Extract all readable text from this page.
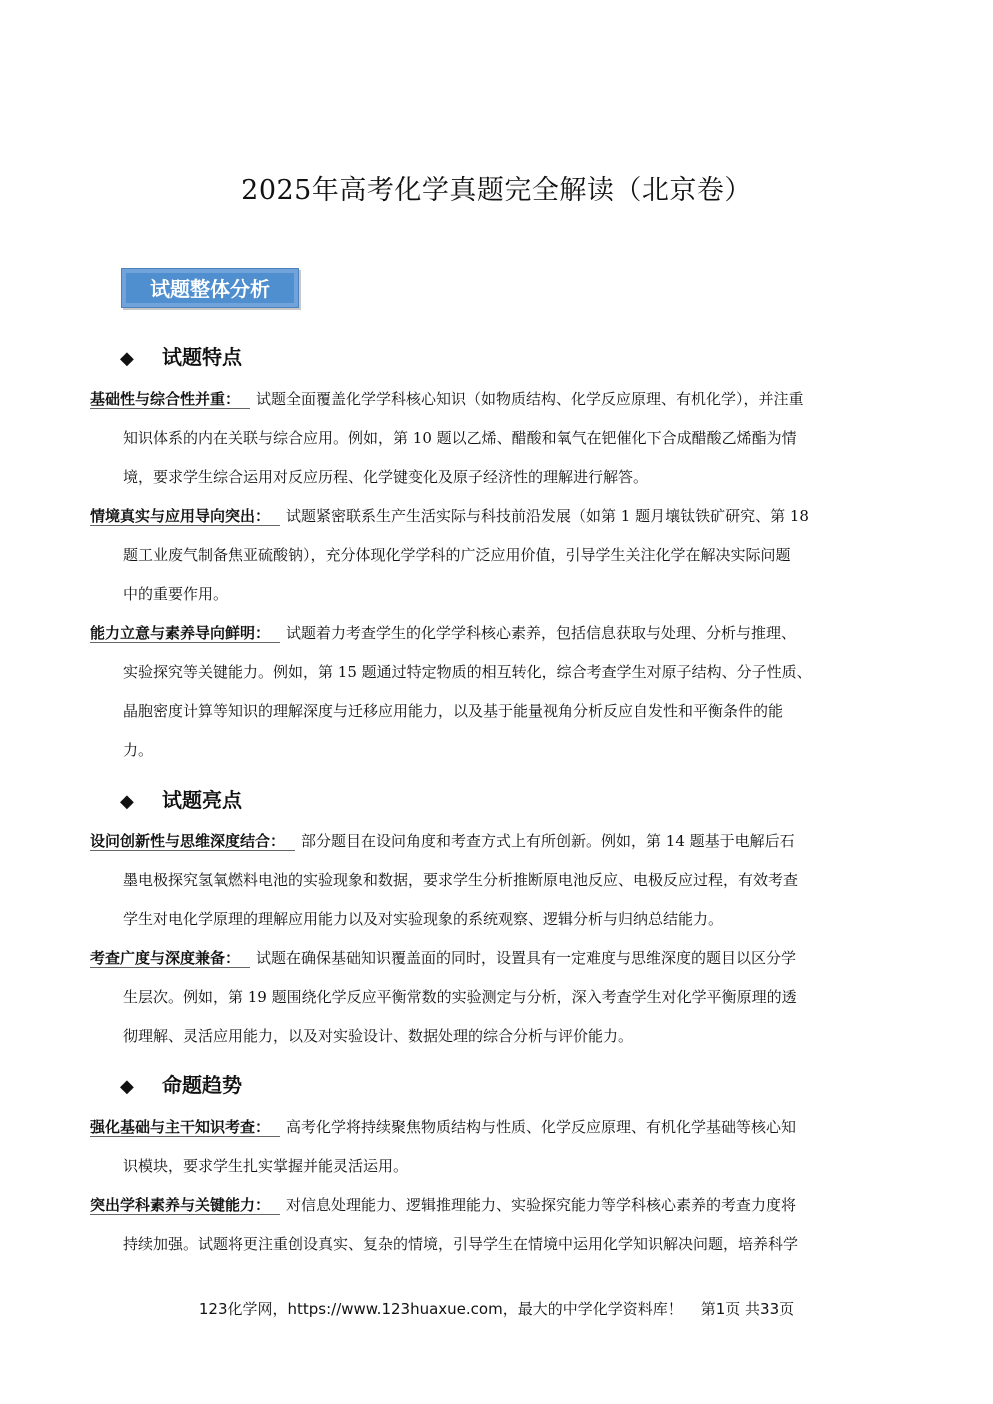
2025年高考化学真题完全解读（北京卷）
试题整体分析
◆ 试题特点
基础性与综合性并重： 试题全面覆盖化学学科核心知识（如物质结构、化学反应原理、有机化学），并注重
知识体系的内在关联与综合应用。例如，第 10 题以乙烯、醋酸和氧气在钯催化下合成醋酸乙烯酯为情
境，要求学生综合运用对反应历程、化学键变化及原子经济性的理解进行解答。
情境真实与应用导向突出： 试题紧密联系生产生活实际与科技前沿发展（如第 1 题月壤钛铁矿研究、第 18
题工业废气制备焦亚硫酸钠），充分体现化学学科的广泛应用价值，引导学生关注化学在解决实际问题
中的重要作用。
能力立意与素养导向鲜明： 试题着力考查学生的化学学科核心素养，包括信息获取与处理、分析与推理、
实验探究等关键能力。例如，第 15 题通过特定物质的相互转化，综合考查学生对原子结构、分子性质、
晶胞密度计算等知识的理解深度与迁移应用能力，以及基于能量视角分析反应自发性和平衡条件的能
力。
◆ 试题亮点
设问创新性与思维深度结合： 部分题目在设问角度和考查方式上有所创新。例如，第 14 题基于电解后石
墨电极探究氢氧燃料电池的实验现象和数据，要求学生分析推断原电池反应、电极反应过程，有效考查
学生对电化学原理的理解应用能力以及对实验现象的系统观察、逻辑分析与归纳总结能力。
考查广度与深度兼备： 试题在确保基础知识覆盖面的同时，设置具有一定难度与思维深度的题目以区分学
生层次。例如，第 19 题围绕化学反应平衡常数的实验测定与分析，深入考查学生对化学平衡原理的透
彻理解、灵活应用能力，以及对实验设计、数据处理的综合分析与评价能力。
◆ 命题趋势
强化基础与主干知识考查： 高考化学将持续聚焦物质结构与性质、化学反应原理、有机化学基础等核心知
识模块，要求学生扎实掌握并能灵活运用。
突出学科素养与关键能力： 对信息处理能力、逻辑推理能力、实验探究能力等学科核心素养的考查力度将
持续加强。试题将更注重创设真实、复杂的情境，引导学生在情境中运用化学知识解决问题，培养科学
123化学网，https://www.123huaxue.com，最大的中学化学资料库！ 第1页 共33页
